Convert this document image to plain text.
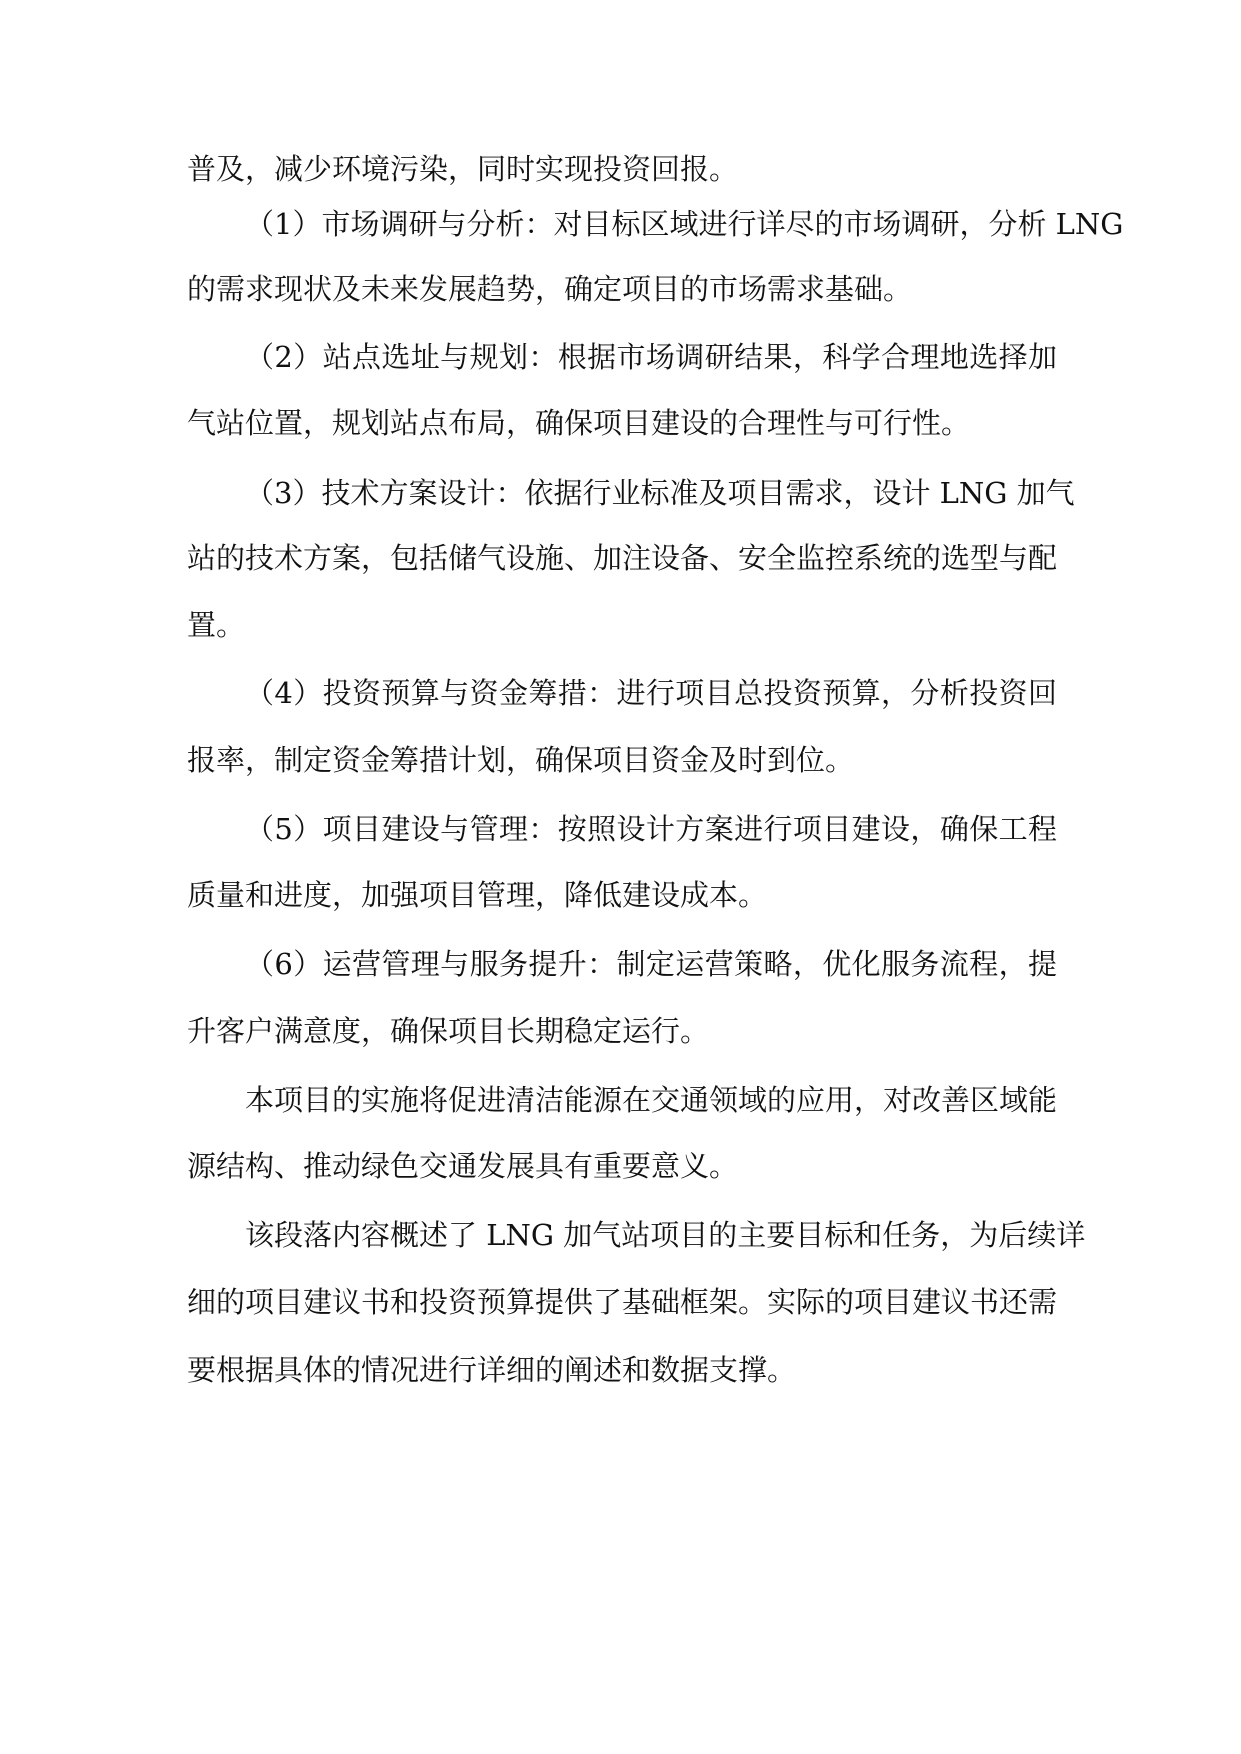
普及，减少环境污染，同时实现投资回报。

（1）市场调研与分析：对目标区域进行详尽的市场调研，分析 LNG

的需求现状及未来发展趋势，确定项目的市场需求基础。

（2）站点选址与规划：根据市场调研结果，科学合理地选择加

气站位置，规划站点布局，确保项目建设的合理性与可行性。

（3）技术方案设计：依据行业标准及项目需求，设计 LNG 加气

站的技术方案，包括储气设施、加注设备、安全监控系统的选型与配

置。

（4）投资预算与资金筹措：进行项目总投资预算，分析投资回

报率，制定资金筹措计划，确保项目资金及时到位。

（5）项目建设与管理：按照设计方案进行项目建设，确保工程

质量和进度，加强项目管理，降低建设成本。

（6）运营管理与服务提升：制定运营策略，优化服务流程，提

升客户满意度，确保项目长期稳定运行。

本项目的实施将促进清洁能源在交通领域的应用，对改善区域能

源结构、推动绿色交通发展具有重要意义。

该段落内容概述了 LNG 加气站项目的主要目标和任务，为后续详

细的项目建议书和投资预算提供了基础框架。实际的项目建议书还需

要根据具体的情况进行详细的阐述和数据支撑。
